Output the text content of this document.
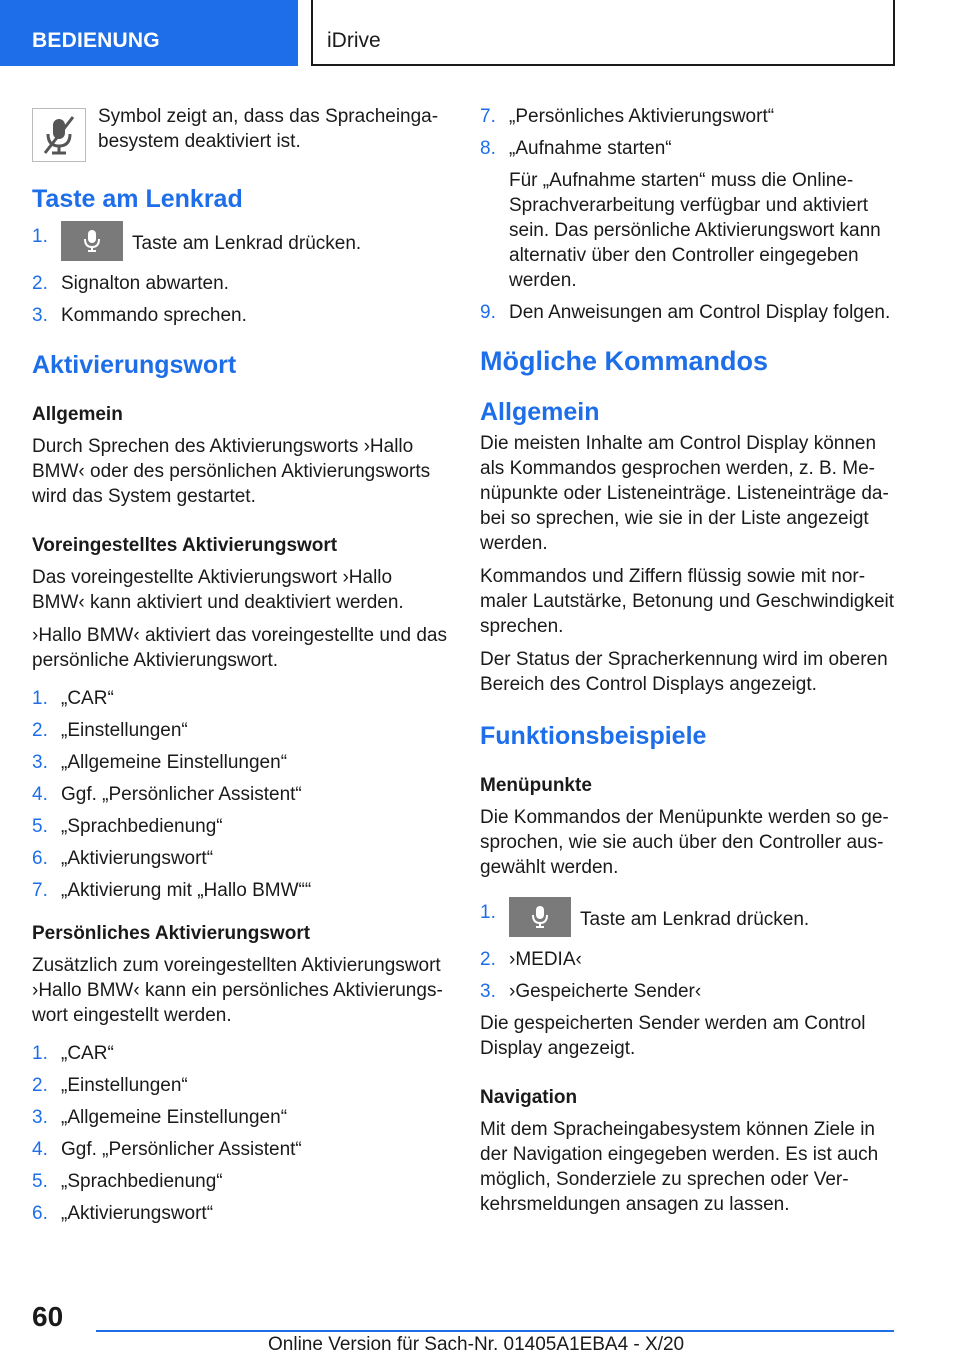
BEDIENUNG	iDrive

Symbol zeigt an, dass das Spracheingabesystem deaktiviert ist.

Taste am Lenkrad
1.	Taste am Lenkrad drücken.
2. Signalton abwarten.
3. Kommando sprechen.
Aktivierungswort
Allgemein

Durch Sprechen des Aktivierungsworts ›Hallo BMW‹ oder des persönlichen Aktivierungsworts wird das System gestartet.

Voreingestelltes Aktivierungswort

Das voreingestellte Aktivierungswort ›Hallo BMW‹ kann aktiviert und deaktiviert werden.

›Hallo BMW‹ aktiviert das voreingestellte und das persönliche Aktivierungswort.

1. „CAR“
2. „Einstellungen“
3. „Allgemeine Einstellungen“
4. Ggf. „Persönlicher Assistent“
5. „Sprachbedienung“
6. „Aktivierungswort“
7. „Aktivierung mit „Hallo BMW““
Persönliches Aktivierungswort

Zusätzlich zum voreingestellten Aktivierungswort ›Hallo BMW‹ kann ein persönliches Aktivierungswort eingestellt werden.

1. „CAR“
2. „Einstellungen“
3. „Allgemeine Einstellungen“
4. Ggf. „Persönlicher Assistent“
5. „Sprachbedienung“
6. „Aktivierungswort“
7. „Persönliches Aktivierungswort“
8. „Aufnahme starten“
Für „Aufnahme starten“ muss die Online-Sprachverarbeitung verfügbar und aktiviert sein. Das persönliche Aktivierungswort kann alternativ über den Controller eingegeben werden.
9. Den Anweisungen am Control Display folgen.
Mögliche Kommandos
Allgemein

Die meisten Inhalte am Control Display können als Kommandos gesprochen werden, z. B. Menüpunkte oder Listeneinträge. Listeneinträge dabei so sprechen, wie sie in der Liste angezeigt werden.

Kommandos und Ziffern flüssig sowie mit normaler Lautstärke, Betonung und Geschwindigkeit sprechen.

Der Status der Spracherkennung wird im oberen Bereich des Control Displays angezeigt.

Funktionsbeispiele
Menüpunkte

Die Kommandos der Menüpunkte werden so gesprochen, wie sie auch über den Controller ausgewählt werden.

1.	Taste am Lenkrad drücken.
2. ›MEDIA‹
3. ›Gespeicherte Sender‹

Die gespeicherten Sender werden am Control Display angezeigt.

Navigation

Mit dem Spracheingabesystem können Ziele in der Navigation eingegeben werden. Es ist auch möglich, Sonderziele zu sprechen oder Verkehrsmeldungen ansagen zu lassen.

60
Online Version für Sach-Nr. 01405A1EBA4 - X/20
